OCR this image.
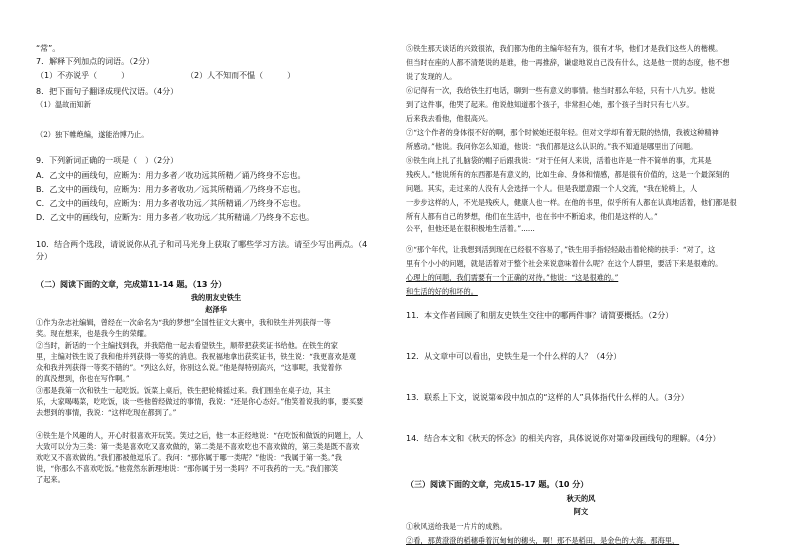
“常”。
7．解释下列加点的词语。（2分）
（1）不亦说乎（　　　）	（2）人不知而不愠（　　　）
8．把下面句子翻译成现代汉语。（4分）
（1）温故而知新
（2）独下帷绝编，遂能治博乃止。
9．下列新词正确的一项是（　）（2分）
A．乙文中的画线句，应断为：用力多者／收功远其所精／诵乃终身不忘也。
B．乙文中的画线句，应断为：用力多者收功／远其所精诵／乃终身不忘也。
C．乙文中的画线句，应断为：用力多者收功远／其所精诵／乃终身不忘也。
D．乙文中的画线句，应断为：用力多者／收功远／其所精诵／乃终身不忘也。
10．结合两个选段，请说说你从孔子和司马光身上获取了哪些学习方法。请至少写出两点。（4
分）
（二）阅读下面的文章，完成第11-14 题。（13 分）
我的朋友史铁生
赵泽华
①作为杂志社编辑，曾经在一次命名为“我的梦想”全国性征文大赛中，我和铁生并列获得一等
奖。现在想来，也是我今生的荣耀。
②当时，新话的一个主编找到我，并我陪他一起去看望铁生，顺带把获奖证书给他。在铁生的家
里，主编对铁生说了我和他并列获得一等奖的消息。我祝福地拿出获奖证书，铁生说：“我更喜欢是观
众和我并列获得一等奖不错的”。“列这么好，你别这么说。”他是得特别高兴，“这事呢，我觉着你
的真没想到，你也在写作啊。”
③那是我第一次和铁生一起吃饭。饭菜上桌后，铁生把轮椅摇过来。我们围坐在桌子边，其主
乐，大家喝喝菜，吃吃饭，谈一些他曾经做过的事情，我说：“还是你心态好。”他笑着说我的事，要买要
去想到的事情，我说：“这样吃现在都到了。”
④铁生是个风趣的人，开心时很喜欢开玩笑。笑过之后，他一本正经地说：“在吃饭和做饭的问题上，人
大致可以分为三类：第一类是喜欢吃又喜欢做的，第二类是不喜欢吃也不喜欢做的，第三类是既不喜欢
欢吃又不喜欢做的。”我们都被他逗乐了。我问：“那你属于哪一类呢？”他说：“我属于第一类。”我
说，“你那么不喜欢吃饭。”他竟然东新理地说：“那你属于另一类吗？不可我药的一天。”我们都笑
了起来。
⑤铁生那天谈话的兴致很浓，我们都为他的主编年轻有为，很有才华，他们才是我们这些人的楷模。
但当时在座的人都不清楚说的是谁，他一再推辞，谦虚地说自己没有什么，这是他一贯的态度，他不想
说了发现的人。
⑥记得有一次，我给铁生打电话，聊到一些有意义的事情。他当时那么年轻，只有十八九岁。他说
到了这件事，他哭了起来。他说他知道那个孩子，非常担心她，那个孩子当时只有七八岁。
后来我去看他，他很高兴。
⑦“这个作者的身体很不好的啊，那个时候她还很年轻。但对文学却有着无限的热情，我被这种精神
所感动。”他说。我问你怎么知道，他说：“我们都是这么认识的。”我不知道是哪里出了问题。
⑧铁生向上扎了扎脑袋的帽子后跟我说：“对于任何人来说，活着也许是一件不简单的事，尤其是
残疾人。”他说所有的东西都是有意义的，比如生命、身体和情感，都是很有价值的，这是一个最深刻的
问题。其实，走过来的人没有人会选择一个人。但是我愿意跟一个人交流，“我在轮椅上，人
一步步这样的人，不光是残疾人，健康人也一样。在他的书里，似乎所有人都在认真地活着，他们都是很
所有人都有自己的梦想，他们在生活中，也在书中不断追求，他们是这样的人。”
公平，但他还是在很积极地生活着。”......
⑨“那个年代，让我想到活到现在已经很不容易了，”铁生用手指轻轻敲击着轮椅的扶手：“对了，这
里有个小小的问题，就是活着对于整个社会来说意味着什么呢？在这个人群里，要活下来是很难的。
心理上的问题，我们需要有一个正确的对待。”他说：“这是很难的。”
和生活的好的和坏的。
11．本文作者回顾了和朋友史铁生交往中的哪两件事？请简要概括。（2分）
12．从文章中可以看出，史铁生是一个什么样的人？（4分）
13．联系上下文，说说第⑥段中加点的“这样的人”具体指代什么样的人。（3分）
14．结合本文和《秋天的怀念》的相关内容，具体说说你对第⑨段画线句的理解。（4分）
（三）阅读下面的文章，完成15-17 题。（10 分）
秋天的风
阿文
①秋风送给我是一片片的成熟。
②看，那黄澄澄的稻穗垂着沉甸甸的穗头，啊！那不是稻田，是金色的大海。那海里，
